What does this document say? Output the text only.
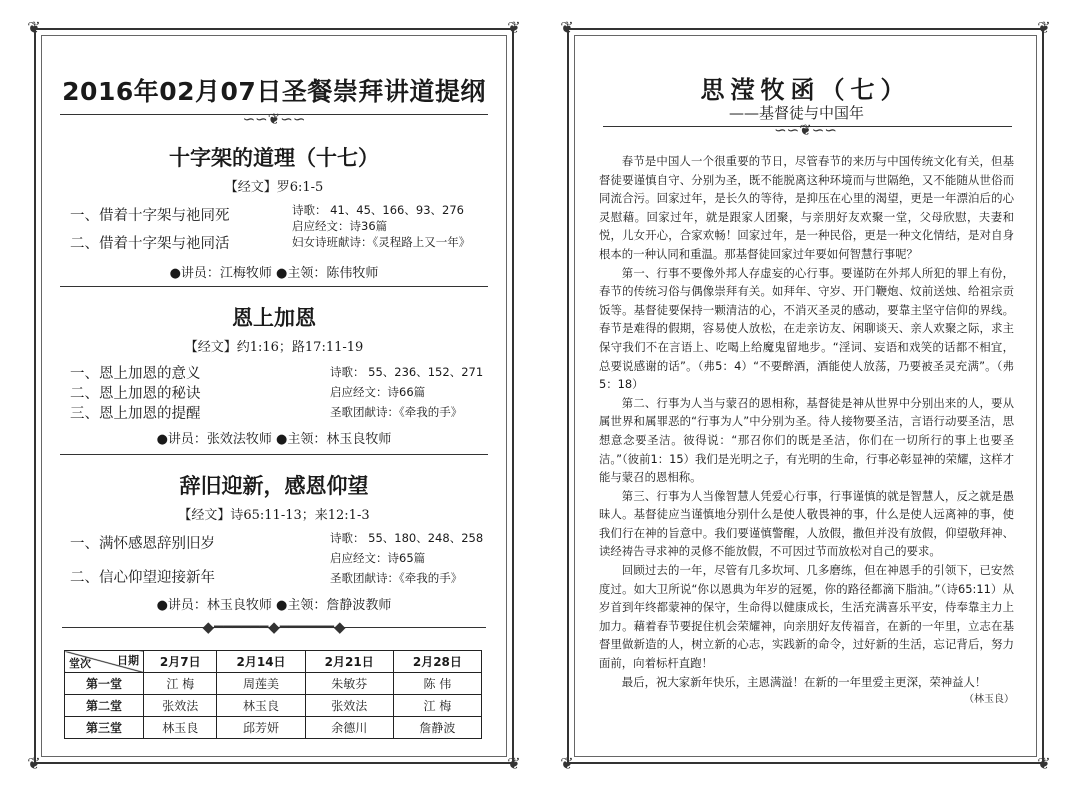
❦	❦
❦	❦
2016年02月07日圣餐崇拜讲道提纲
∽∽❦∽∽
十字架的道理（十七）
【经文】罗6:1-5
一、借着十字架与祂同死
二、借着十字架与祂同活
诗歌： 41、45、166、93、276
启应经文：诗36篇
妇女诗班献诗：《灵程路上又一年》
●讲员：江梅牧师 ●主领：陈伟牧师
恩上加恩
【经文】约1:16；路17:11-19
一、恩上加恩的意义
二、恩上加恩的秘诀
三、恩上加恩的提醒
诗歌： 55、236、152、271
启应经文：诗66篇
圣歌团献诗：《牵我的手》
●讲员：张效法牧师 ●主领：林玉良牧师
辞旧迎新，感恩仰望
【经文】诗65:11-13；来12:1-3
一、满怀感恩辞别旧岁
二、信心仰望迎接新年
诗歌： 55、180、248、258
启应经文：诗65篇
圣歌团献诗：《牵我的手》
●讲员：林玉良牧师 ●主领：詹静波教师
◆━━━━━━◆━━━━━━◆
日期
堂次	2月7日	2月14日	2月21日	2月28日
第一堂	江 梅	周莲美	朱敏芬	陈 伟
第二堂	张效法	林玉良	张效法	江 梅
第三堂	林玉良	邱芳妍	余德川	詹静波
❦	❦
❦	❦
思滢牧函（七）
——基督徒与中国年
∽∽❦∽∽

春节是中国人一个很重要的节日，尽管春节的来历与中国传统文化有关，但基督徒要谨慎自守、分别为圣，既不能脱离这种环境而与世隔绝，又不能随从世俗而同流合污。回家过年，是长久的等待，是抑压在心里的渴望，更是一年漂泊后的心灵慰藉。回家过年，就是跟家人团聚，与亲朋好友欢聚一堂，父母欣慰，夫妻和悦，儿女开心，合家欢畅！回家过年，是一种民俗，更是一种文化情结，是对自身根本的一种认同和重温。那基督徒回家过年要如何智慧行事呢？

第一、行事不要像外邦人存虚妄的心行事。要谨防在外邦人所犯的罪上有份，春节的传统习俗与偶像崇拜有关。如拜年、守岁、开门鞭炮、炆前送烛、给祖宗贡饭等。基督徒要保持一颗清洁的心，不消灭圣灵的感动，要靠主坚守信仰的界线。春节是难得的假期，容易使人放松，在走亲访友、闲聊谈天、亲人欢聚之际，求主保守我们不在言语上、吃喝上给魔鬼留地步。“淫词、妄语和戏笑的话都不相宜，总要说感谢的话”。（弗5：4）“不要醉酒，酒能使人放荡，乃要被圣灵充满”。（弗5：18）

第二、行事为人当与蒙召的恩相称，基督徒是神从世界中分别出来的人，要从属世界和属罪恶的“行事为人”中分别为圣。待人接物要圣洁，言语行动要圣洁，思想意念要圣洁。彼得说：“那召你们的既是圣洁，你们在一切所行的事上也要圣洁。”（彼前1：15）我们是光明之子，有光明的生命，行事必彰显神的荣耀，这样才能与蒙召的恩相称。

第三、行事为人当像智慧人凭爱心行事，行事谨慎的就是智慧人，反之就是愚昧人。基督徒应当谨慎地分别什么是使人敬畏神的事，什么是使人远离神的事，使我们行在神的旨意中。我们要谨慎警醒，人放假，撒但并没有放假，仰望敬拜神、读经祷告寻求神的灵修不能放假，不可因过节而放松对自己的要求。

回顾过去的一年，尽管有几多坎坷、几多磨练，但在神恩手的引领下，已安然度过。如大卫所说“你以恩典为年岁的冠冕，你的路径都滴下脂油。”（诗65:11）从岁首到年终都蒙神的保守，生命得以健康成长，生活充满喜乐平安，侍奉靠主力上加力。藉着春节要捉住机会荣耀神，向亲朋好友传福音，在新的一年里，立志在基督里做新造的人，树立新的心志，实践新的命令，过好新的生活，忘记背后，努力面前，向着标杆直跑！

最后，祝大家新年快乐，主恩满溢！在新的一年里爱主更深，荣神益人！

（林玉良）
